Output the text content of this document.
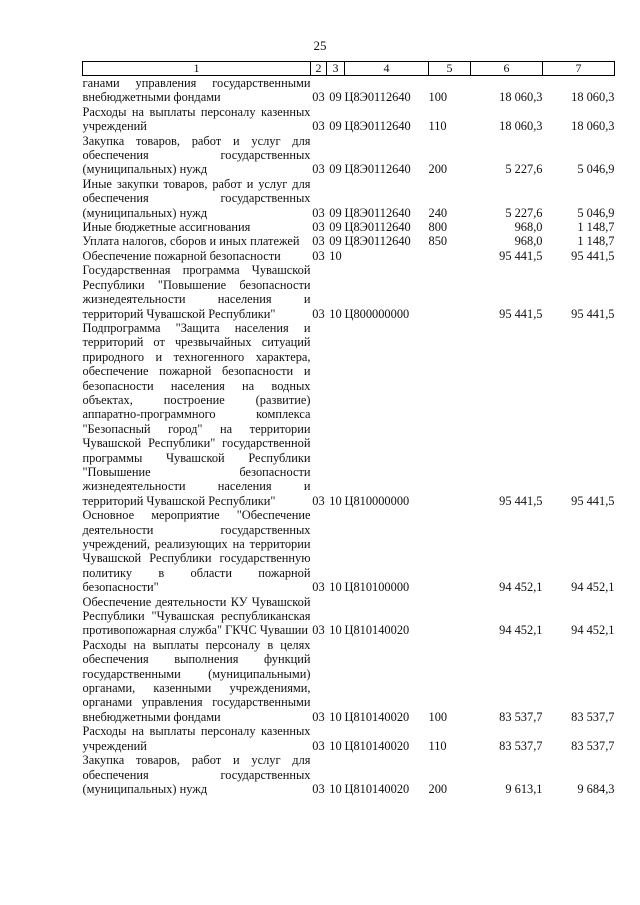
25
1	2	3	4	5	6	7
ганами управления государственными внебюджетными фондами	03	09	Ц8Э0112640	100	18 060,3	18 060,3
Расходы на выплаты персоналу казенных учреждений	03	09	Ц8Э0112640	110	18 060,3	18 060,3
Закупка товаров, работ и услуг для обеспечения государственных (муниципальных) нужд	03	09	Ц8Э0112640	200	5 227,6	5 046,9
Иные закупки товаров, работ и услуг для обеспечения государственных (муниципальных) нужд	03	09	Ц8Э0112640	240	5 227,6	5 046,9
Иные бюджетные ассигнования	03	09	Ц8Э0112640	800	968,0	1 148,7
Уплата налогов, сборов и иных платежей	03	09	Ц8Э0112640	850	968,0	1 148,7
Обеспечение пожарной безопасности	03	10			95 441,5	95 441,5
Государственная программа Чувашской Республики "Повышение безопасности жизнедеятельности населения и территорий Чувашской Республики"	03	10	Ц800000000		95 441,5	95 441,5
Подпрограмма "Защита населения и территорий от чрезвычайных ситуаций природного и техногенного характера, обеспечение пожарной безопасности и безопасности населения на водных объектах, построение (развитие) аппаратно-программного комплекса "Безопасный город" на территории Чувашской Республики" государственной программы Чувашской Республики "Повышение безопасности жизнедеятельности населения и территорий Чувашской Республики"	03	10	Ц810000000		95 441,5	95 441,5
Основное мероприятие "Обеспечение деятельности государственных учреждений, реализующих на территории Чувашской Республики государственную политику в области пожарной безопасности"	03	10	Ц810100000		94 452,1	94 452,1
Обеспечение деятельности КУ Чувашской Республики "Чувашская республиканская противопожарная служба" ГКЧС Чувашии	03	10	Ц810140020		94 452,1	94 452,1
Расходы на выплаты персоналу в целях обеспечения выполнения функций государственными (муниципальными) органами, казенными учреждениями, органами управления государственными внебюджетными фондами	03	10	Ц810140020	100	83 537,7	83 537,7
Расходы на выплаты персоналу казенных учреждений	03	10	Ц810140020	110	83 537,7	83 537,7
Закупка товаров, работ и услуг для обеспечения государственных (муниципальных) нужд	03	10	Ц810140020	200	9 613,1	9 684,3
